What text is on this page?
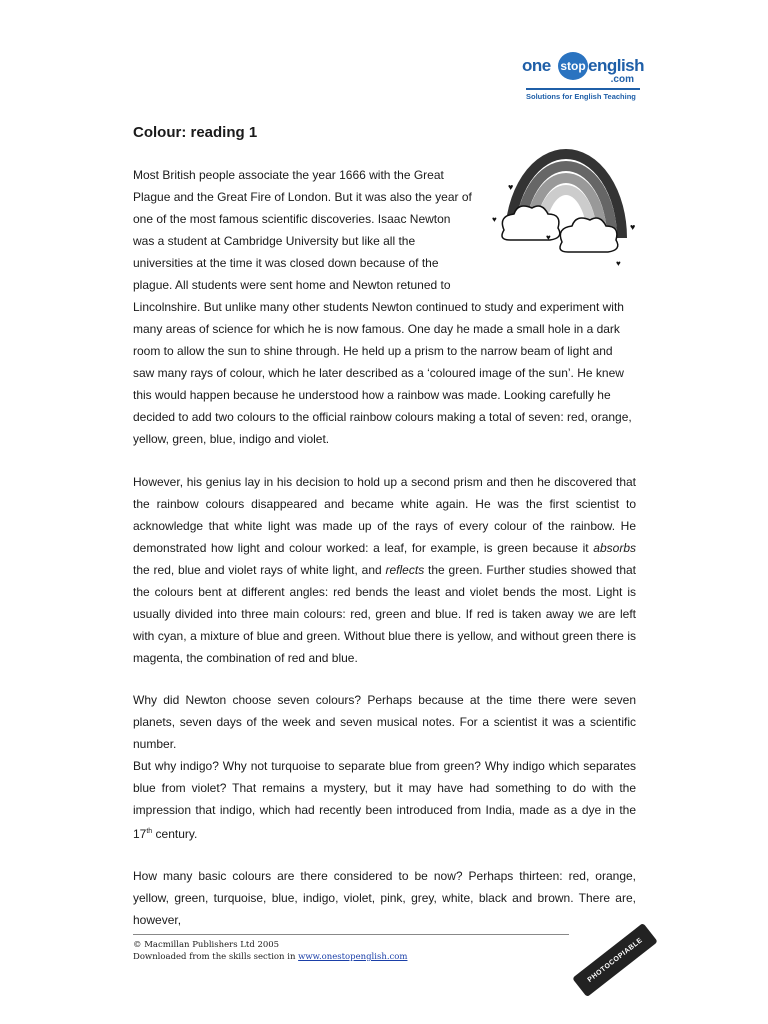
one stop english
.com
Solutions for English Teaching
Colour: reading 1
♥
♥
♥
♥
♥
Most British people associate the year 1666 with the Great
Plague and the Great Fire of London. But it was also the year of
one of the most famous scientific discoveries. Isaac Newton
was a student at Cambridge University but like all the
universities at the time it was closed down because of the
plague. All students were sent home and Newton retuned to
Lincolnshire. But unlike many other students Newton continued to study and experiment with many areas of science for which he is now famous. One day he made a small hole in a dark room to allow the sun to shine through. He held up a prism to the narrow beam of light and saw many rays of colour, which he later described as a ‘coloured image of the sun’. He knew this would happen because he understood how a rainbow was made. Looking carefully he decided to add two colours to the official rainbow colours making a total of seven: red, orange, yellow, green, blue, indigo and violet.
However, his genius lay in his decision to hold up a second prism and then he discovered that the rainbow colours disappeared and became white again. He was the first scientist to acknowledge that white light was made up of the rays of every colour of the rainbow. He demonstrated how light and colour worked: a leaf, for example, is green because it absorbs the red, blue and violet rays of white light, and reflects the green. Further studies showed that the colours bent at different angles: red bends the least and violet bends the most. Light is usually divided into three main colours: red, green and blue. If red is taken away we are left with cyan, a mixture of blue and green. Without blue there is yellow, and without green there is magenta, the combination of red and blue.
Why did Newton choose seven colours? Perhaps because at the time there were seven planets, seven days of the week and seven musical notes. For a scientist it was a scientific number.
But why indigo? Why not turquoise to separate blue from green? Why indigo which separates blue from violet? That remains a mystery, but it may have had something to do with the impression that indigo, which had recently been introduced from India, made as a dye in the 17th century.
How many basic colours are there considered to be now? Perhaps thirteen: red, orange, yellow, green, turquoise, blue, indigo, violet, pink, grey, white, black and brown. There are, however,
© Macmillan Publishers Ltd 2005
Downloaded from the skills section in www.onestopenglish.com	PHOTOCOPIABLE
